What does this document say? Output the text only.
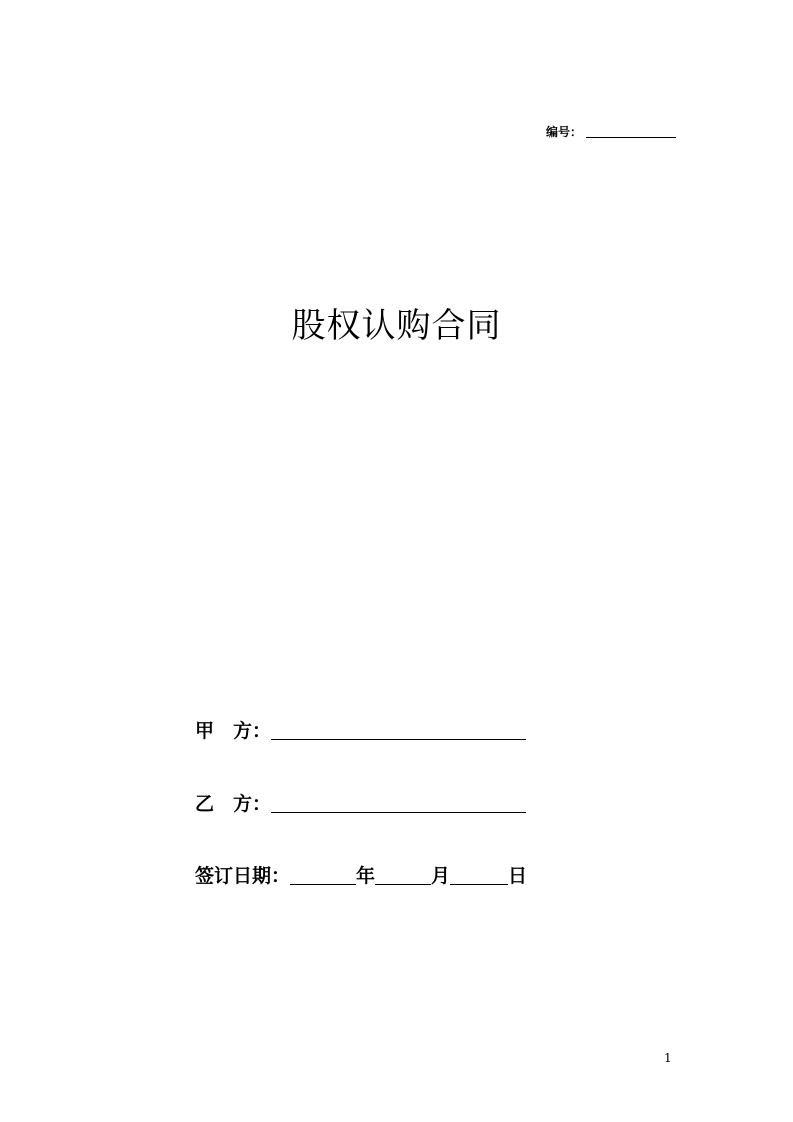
编号：
股权认购合同
甲　方：
乙　方：
签订日期：	年	月	日
1
